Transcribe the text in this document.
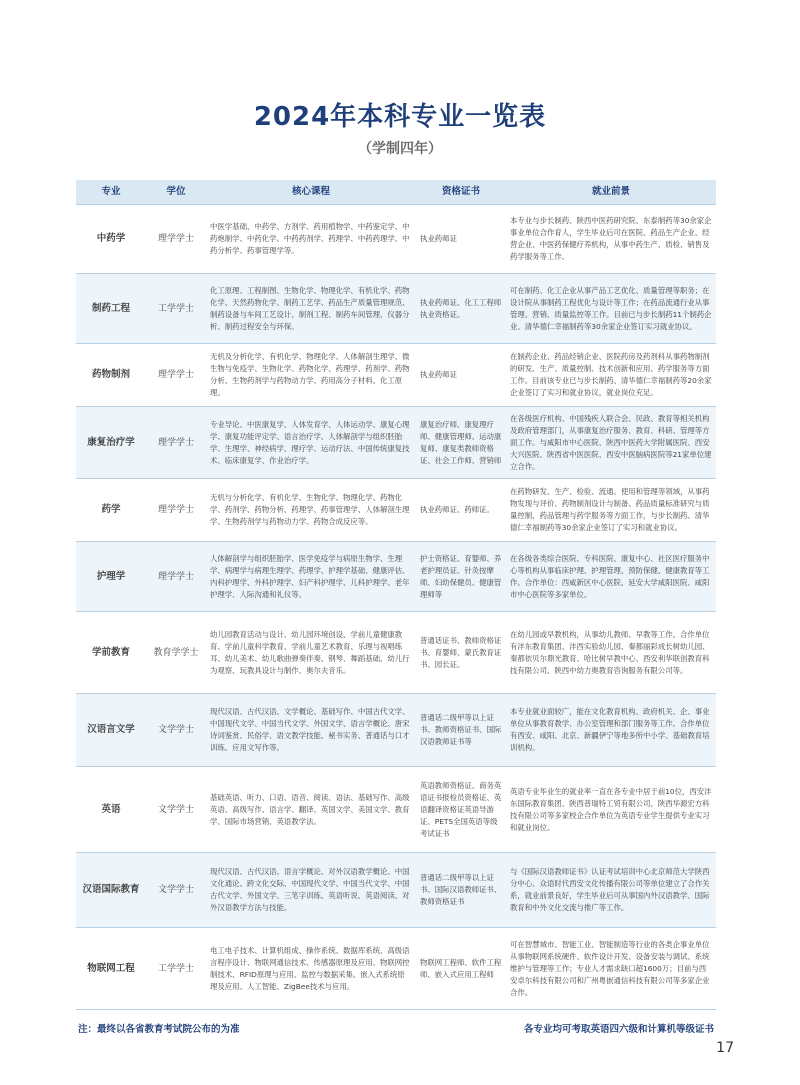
2024年本科专业一览表
（学制四年）
专业	学位	核心课程	资格证书	就业前景
中药学	理学学士	中医学基础、中药学、方剂学、药用植物学、中药鉴定学、中药炮制学、中药化学、中药药剂学、药理学、中药药理学、中药分析学、药事管理学等。	执业药师证	本专业与步长制药、陕西中医药研究院、东泰制药等30余家企事业单位合作育人，学生毕业后可在医院、药品生产企业、经营企业、中医药保健疗养机构，从事中药生产、质检、销售及药学服务等工作。
制药工程	工学学士	化工原理、工程制图、生物化学、物理化学、有机化学、药物化学、天然药物化学、制药工艺学、药品生产质量管理规范、制药设备与车间工艺设计、制剂工程、制药车间管理、仪器分析、制药过程安全与环保。	执业药师证、化工工程师执业资格证。	可在制药、化工企业从事产品工艺优化、质量管理等职务；在设计院从事制药工程优化与设计等工作；在药品流通行业从事管理、营销、质量监控等工作。目前已与步长制药11个制药企业、清华德仁幸福制药等30余家企业签订实习就业协议。
药物制剂	理学学士	无机及分析化学、有机化学、物理化学、人体解剖生理学、微生物与免疫学、生物化学、药物化学、药理学、药剂学、药物分析、生物药剂学与药物动力学、药用高分子材料、化工原理。	执业药师证	在制药企业、药品经销企业、医院药房及药剂科从事药物制剂的研发、生产、质量控制、技术创新和应用、药学服务等方面工作。目前该专业已与步长制药、清华德仁幸福制药等20余家企业签订了实习和就业协议，就业岗位充足。
康复治疗学	理学学士	专业导论、中医康复学、人体发育学、人体运动学、康复心理学、康复功能评定学、语言治疗学、人体解剖学与组织胚胎学、生理学、神经病学、理疗学、运动疗法、中国传统康复技术、临床康复学、作业治疗学。	康复治疗师、康复理疗师、健康管理师、运动康复师、康复类教师资格证、社会工作师、营销师	在各级医疗机构、中国残疾人联合会、民政、教育等相关机构及政府管理部门，从事康复治疗服务、教育、科研、管理等方面工作。与咸阳市中心医院、陕西中医药大学附属医院、西安大兴医院、陕西省中医医院、西安中医脑病医院等21家单位建立合作。
药学	理学学士	无机与分析化学、有机化学、生物化学、物理化学、药物化学、药剂学、药物分析、药理学、药事管理学、人体解剖生理学、生物药剂学与药物动力学、药物合成反应等。	执业药师证、药师证。	在药物研发、生产、检验、流通、使用和管理等领域，从事药物发现与评价、药物制剂设计与制备、药品质量标准研究与质量控制、药品管理与药学服务等方面工作，与步长制药、清华德仁幸福制药等30余家企业签订了实习和就业协议。
护理学	理学学士	人体解剖学与组织胚胎学、医学免疫学与病原生物学、生理学、病理学与病理生理学、药理学、护理学基础、健康评估、内科护理学、外科护理学、妇产科护理学、儿科护理学、老年护理学、人际沟通和礼仪等。	护士资格证、育婴师、养老护理员证、针灸按摩师、妇幼保健员、健康管理师等	在各级各类综合医院、专科医院、康复中心、社区医疗服务中心等机构从事临床护理、护理管理、预防保健、健康教育等工作。合作单位：西咸新区中心医院、延安大学咸阳医院、咸阳市中心医院等多家单位。
学前教育	教育学学士	幼儿园教育活动与设计、幼儿园环境创设、学前儿童健康教育、学前儿童科学教育、学前儿童艺术教育、乐理与视唱练耳、幼儿美术、幼儿歌曲弹奏伴奏、钢琴、舞蹈基础、幼儿行为观察、玩教具设计与制作、奥尔夫音乐。	普通话证书、教师资格证书、育婴师、蒙氏教育证书、园长证。	在幼儿园或早教机构，从事幼儿教师、早教等工作。合作单位有沣东教育集团、沣西实验幼儿园、秦都丽彩成长树幼儿园、秦都依贝尔鼎光教育、哈比树早教中心、西安利华联创教育科技有限公司、陕西中幼力奥教育咨询服务有限公司等。
汉语言文学	文学学士	现代汉语、古代汉语、文学概论、基础写作、中国古代文学、中国现代文学、中国当代文学、外国文学、语言学概论、唐宋诗词鉴赏、民俗学、语文教学技能、秘书实务、普通话与口才训练、应用文写作等。	普通话二级甲等以上证书、教师资格证书、国际汉语教师证书等	本专业就业面较广，能在文化教育机构、政府机关、企、事业单位从事教育教学、办公室管理和部门服务等工作。合作单位有西安、咸阳、北京、新疆伊宁等地多所中小学、基础教育培训机构。
英语	文学学士	基础英语、听力、口语、语音、阅读、语法、基础写作、高级英语、高级写作、语言学、翻译、英国文学、美国文学、教育学、国际市场营销、英语教学法。	英语教师资格证、商务英语证书报检员资格证、英语翻译资格证英语导游证、PETS全国英语等级考试证书	英语专业毕业生的就业率一直在各专业中居于前10位，西安沣东国际教育集团、陕西普瑞特工贸有限公司、陕西华源宏方科技有限公司等多家校企合作单位为英语专业学生提供专业实习和就业岗位。
汉语国际教育	文学学士	现代汉语、古代汉语、语言学概论、对外汉语教学概论、中国文化通论、跨文化交际、中国现代文学、中国当代文学、中国古代文学、外国文学、三笔字训练、英语听说、英语阅读、对外汉语教学方法与技能。	普通话二级甲等以上证书、国际汉语教师证书、教师资格证书	与《国际汉语教师证书》认证考试培训中心北京师范大学陕西分中心、众语时代西安文化传播有限公司等单位建立了合作关系，就业前景良好，学生毕业后可从事国内外汉语教学、国际教育和中外文化交流与推广等工作。
物联网工程	工学学士	电工电子技术、计算机组成、操作系统、数据库系统、高级语言程序设计、物联网通信技术、传感器原理及应用、物联网控制技术、RFID原理与应用、监控与数据采集、嵌入式系统原理及应用、人工智能、ZigBee技术与应用。	物联网工程师、软件工程师、嵌入式应用工程师	可在智慧城市、智能工业、智能制造等行业的各类企事业单位从事物联网系统硬件、软件设计开发、设备安装与调试、系统维护与管理等工作；专业人才需求缺口超1600万；目前与西安卓尔科技有限公司和广州粤嵌通信科技有限公司等多家企业合作。
注：最终以各省教育考试院公布的为准	各专业均可考取英语四六级和计算机等级证书
17
